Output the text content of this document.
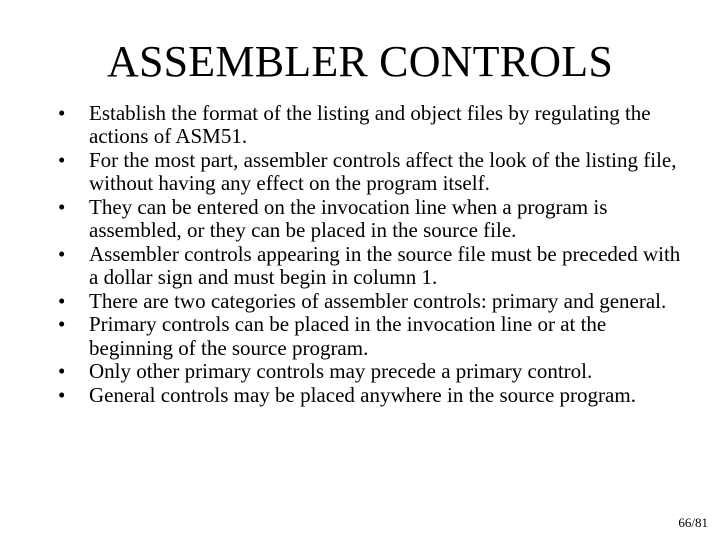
ASSEMBLER CONTROLS
•	Establish the format of the listing and object files by regulating the actions of ASM51.
•	For the most part, assembler controls affect the look of the listing file, without having any effect on the program itself.
•	They can be entered on the invocation line when a program is assembled, or they can be placed in the source file.
•	Assembler controls appearing in the source file must be preceded with a dollar sign and must begin in column 1.
•	There are two categories of assembler controls: primary and general.
•	Primary controls can be placed in the invocation line or at the beginning of the source program.
•	Only other primary controls may precede a primary control.
•	General controls may be placed anywhere in the source program.
66/81
